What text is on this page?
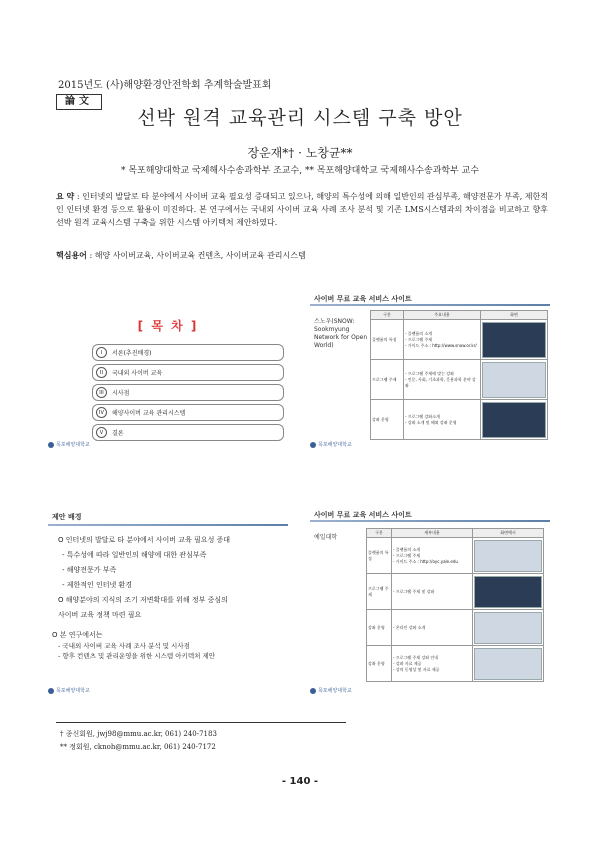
2015년도 (사)해양환경안전학회 추계학술발표회
論文
선박 원격 교육관리 시스템 구축 방안
장운재*† · 노창균**
* 목포해양대학교 국제해사수송과학부 조교수, ** 목포해양대학교 국제해사수송과학부 교수
요 약 : 인터넷의 발달로 타 분야에서 사이버 교육 필요성 증대되고 있으나, 해양의 특수성에 의해 일반인의 관심부족, 해양전문가 부족, 제한적인 인터넷 환경 등으로 활용이 미진하다. 본 연구에서는 국내외 사이버 교육 사례 조사 분석 및 기존 LMS시스템과의 차이점을 비교하고 향후 선박 원격 교육시스템 구축을 위한 시스템 아키텍처 제안하였다.
핵심용어 : 해양 사이버교육, 사이버교육 컨텐츠, 사이버교육 관리시스템
[ 목 차 ]
I	서론(추진배경)
II	국내외 사이버 교육
III	시사점
IV	해양사이버 교육 관리시스템
V	결론
목포해양대학교
사이버 무료 교육 서비스 사이트
스노우(SNOW: Sookmyung Network for Open World)
구분	주요내용	화면
플랫폼의 특징	- 플랫폼의 소개
- 프로그램 주제
- 가이드 주소 : http://www.snow.or.kr/	

프로그램 주제	- 프로그램 주제에 맞는 강좌
- 인문, 사회, 기초과학, 응용과학 분야 강좌	

강좌 운영	- 프로그램 강좌소개
- 강좌 소개 및 해외 강좌 운영	
목포해양대학교
제안 배경
O 인터넷의 발달로 타 분야에서 사이버 교육 필요성 증대
- 특수성에 따라 일반인의 해양에 대한 관심부족
- 해양전문가 부족
- 제한적인 인터넷 환경
O 해양분야의 지식의 조기 저변확대를 위해 정부 중심의
사이버 교육 정책 마련 필요
O 본 연구에서는
- 국내외 사이버 교육 사례 조사 분석 및 시사점
- 향후 컨텐츠 및 관리운영을 위한 시스템 아키텍처 제안
목포해양대학교
사이버 무료 교육 서비스 사이트
예일대학
구분	세부내용	화면예시
플랫폼의 특징	- 플랫폼의 소개
- 프로그램 주제
- 가이드 주소 : http://oyc.yale.edu	

프로그램 주제	- 프로그램 주제 및 강좌	

강좌 운영	- 온라인 강좌 소개	

강좌 운영	- 프로그램 주제 강좌 안내
- 강좌 자료 제공
- 강의 동영상 및 자료 제공	
목포해양대학교
† 종신회원, jwj98@mmu.ac.kr, 061) 240-7183
** 정회원, cknoh@mmu.ac.kr, 061) 240-7172
- 140 -
